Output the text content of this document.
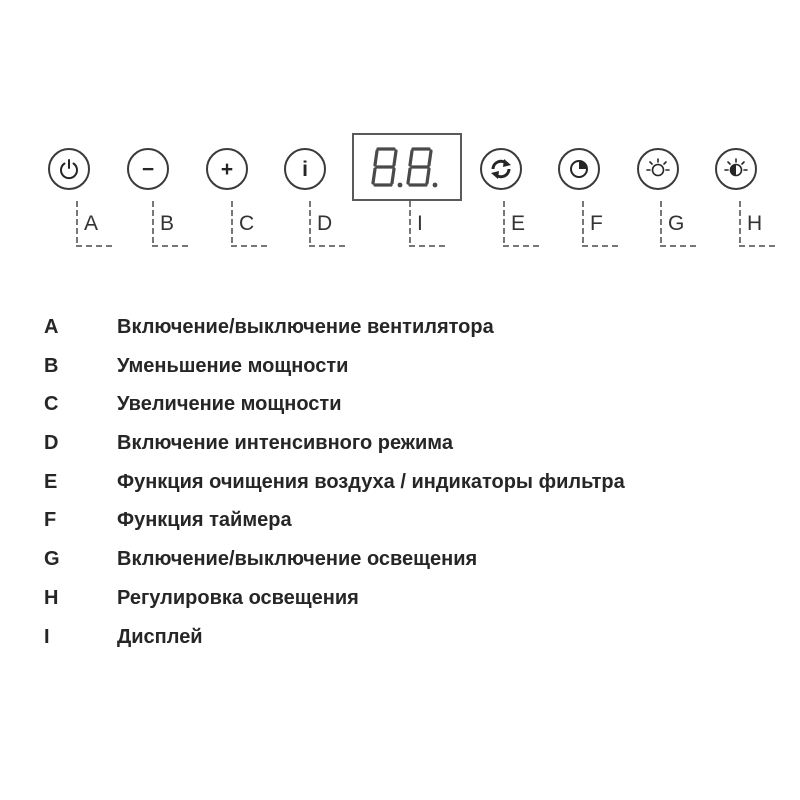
−	+	i
88
A	B	C	D	I	E	F	G	H
A	Включение/выключение вентилятора
B	Уменьшение мощности
C	Увеличение мощности
D	Включение интенсивного режима
E	Функция очищения воздуха / индикаторы фильтра
F	Функция таймера
G	Включение/выключение освещения
H	Регулировка освещения
I	Дисплей
